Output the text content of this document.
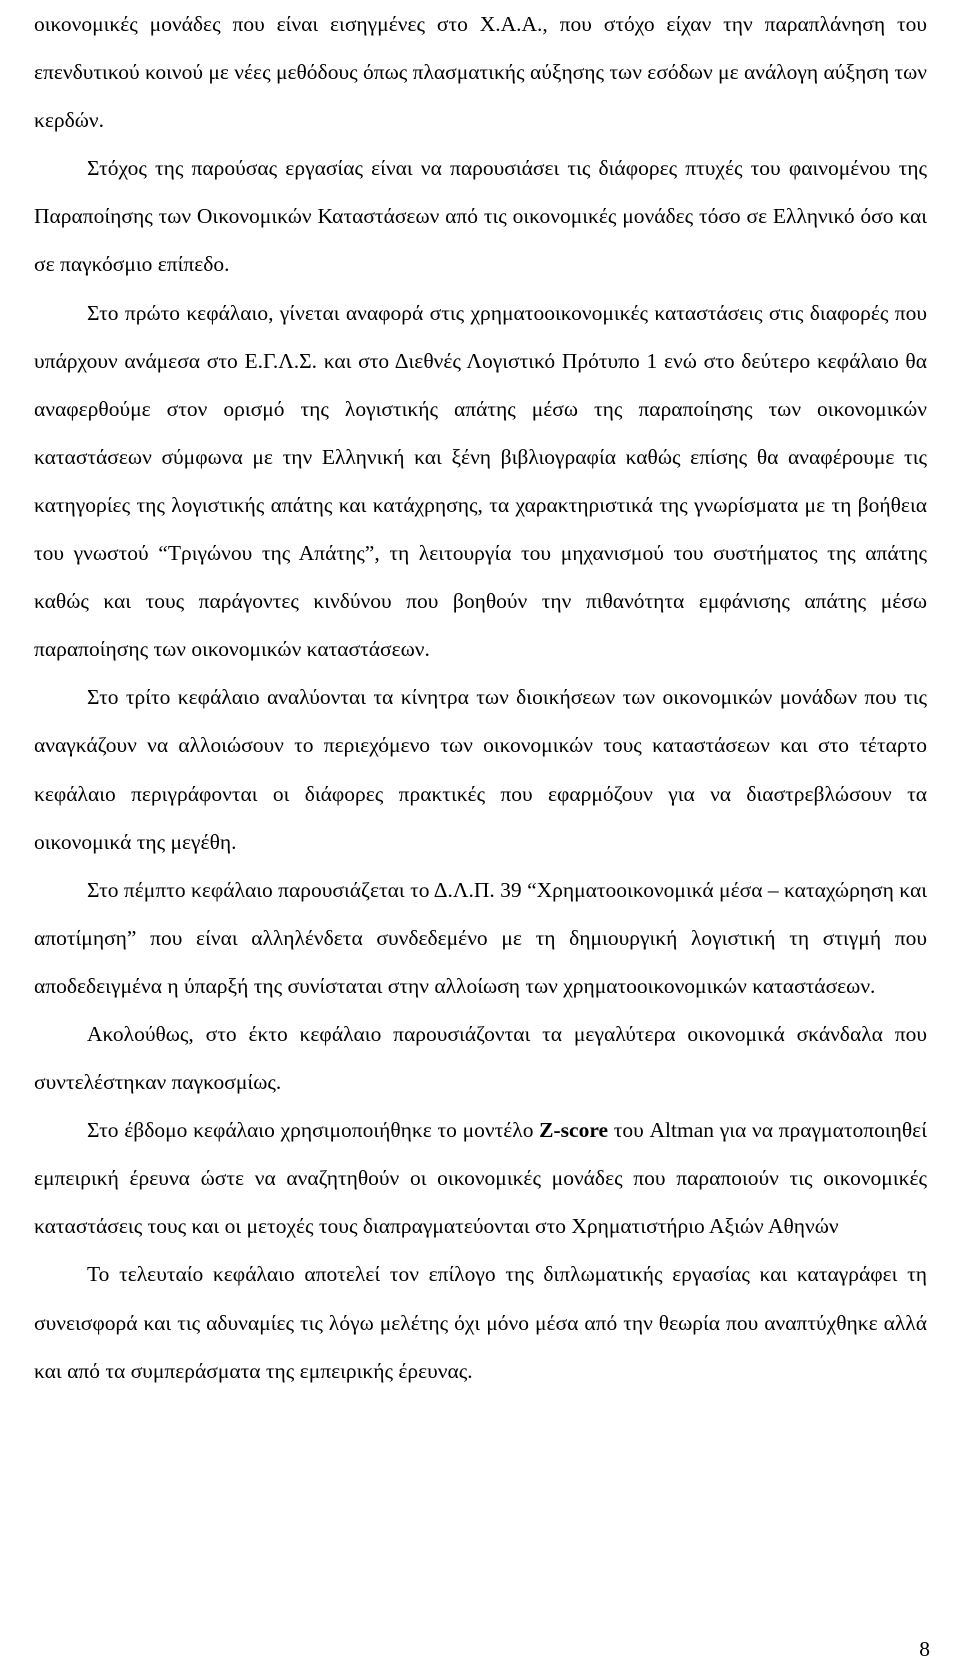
οικονομικές μονάδες που είναι εισηγμένες στο Χ.Α.Α., που στόχο είχαν την παραπλάνηση του επενδυτικού κοινού με νέες μεθόδους όπως πλασματικής αύξησης των εσόδων με ανάλογη αύξηση των κερδών.

Στόχος της παρούσας εργασίας είναι να παρουσιάσει τις διάφορες πτυχές του φαινομένου της Παραποίησης των Οικονομικών Καταστάσεων από τις οικονομικές μονάδες τόσο σε Ελληνικό όσο και σε παγκόσμιο επίπεδο.

Στο πρώτο κεφάλαιο, γίνεται αναφορά στις χρηματοοικονομικές καταστάσεις στις διαφορές που υπάρχουν ανάμεσα στο Ε.Γ.Λ.Σ. και στο Διεθνές Λογιστικό Πρότυπο 1 ενώ στο δεύτερο κεφάλαιο θα αναφερθούμε στον ορισμό της λογιστικής απάτης μέσω της παραποίησης των οικονομικών καταστάσεων σύμφωνα με την Ελληνική και ξένη βιβλιογραφία καθώς επίσης θα αναφέρουμε τις κατηγορίες της λογιστικής απάτης και κατάχρησης, τα χαρακτηριστικά της γνωρίσματα με τη βοήθεια του γνωστού “Τριγώνου της Απάτης”, τη λειτουργία του μηχανισμού του συστήματος της απάτης καθώς και τους παράγοντες κινδύνου που βοηθούν την πιθανότητα εμφάνισης απάτης μέσω παραποίησης των οικονομικών καταστάσεων.

Στο τρίτο κεφάλαιο αναλύονται τα κίνητρα των διοικήσεων των οικονομικών μονάδων που τις αναγκάζουν να αλλοιώσουν το περιεχόμενο των οικονομικών τους καταστάσεων και στο τέταρτο κεφάλαιο περιγράφονται οι διάφορες πρακτικές που εφαρμόζουν για να διαστρεβλώσουν τα οικονομικά της μεγέθη.

Στο πέμπτο κεφάλαιο παρουσιάζεται το Δ.Λ.Π. 39 “Χρηματοοικονομικά μέσα – καταχώρηση και αποτίμηση” που είναι αλληλένδετα συνδεδεμένο με τη δημιουργική λογιστική τη στιγμή που αποδεδειγμένα η ύπαρξή της συνίσταται στην αλλοίωση των χρηματοοικονομικών καταστάσεων.

Ακολούθως, στο έκτο κεφάλαιο παρουσιάζονται τα μεγαλύτερα οικονομικά σκάνδαλα που συντελέστηκαν παγκοσμίως.

Στο έβδομο κεφάλαιο χρησιμοποιήθηκε το μοντέλο Z-score του Altman για να πραγματοποιηθεί εμπειρική έρευνα ώστε να αναζητηθούν οι οικονομικές μονάδες που παραποιούν τις οικονομικές καταστάσεις τους και οι μετοχές τους διαπραγματεύονται στο Χρηματιστήριο Αξιών Αθηνών

Το τελευταίο κεφάλαιο αποτελεί τον επίλογο της διπλωματικής εργασίας και καταγράφει τη συνεισφορά και τις αδυναμίες τις λόγω μελέτης όχι μόνο μέσα από την θεωρία που αναπτύχθηκε αλλά και από τα συμπεράσματα της εμπειρικής έρευνας.

8
